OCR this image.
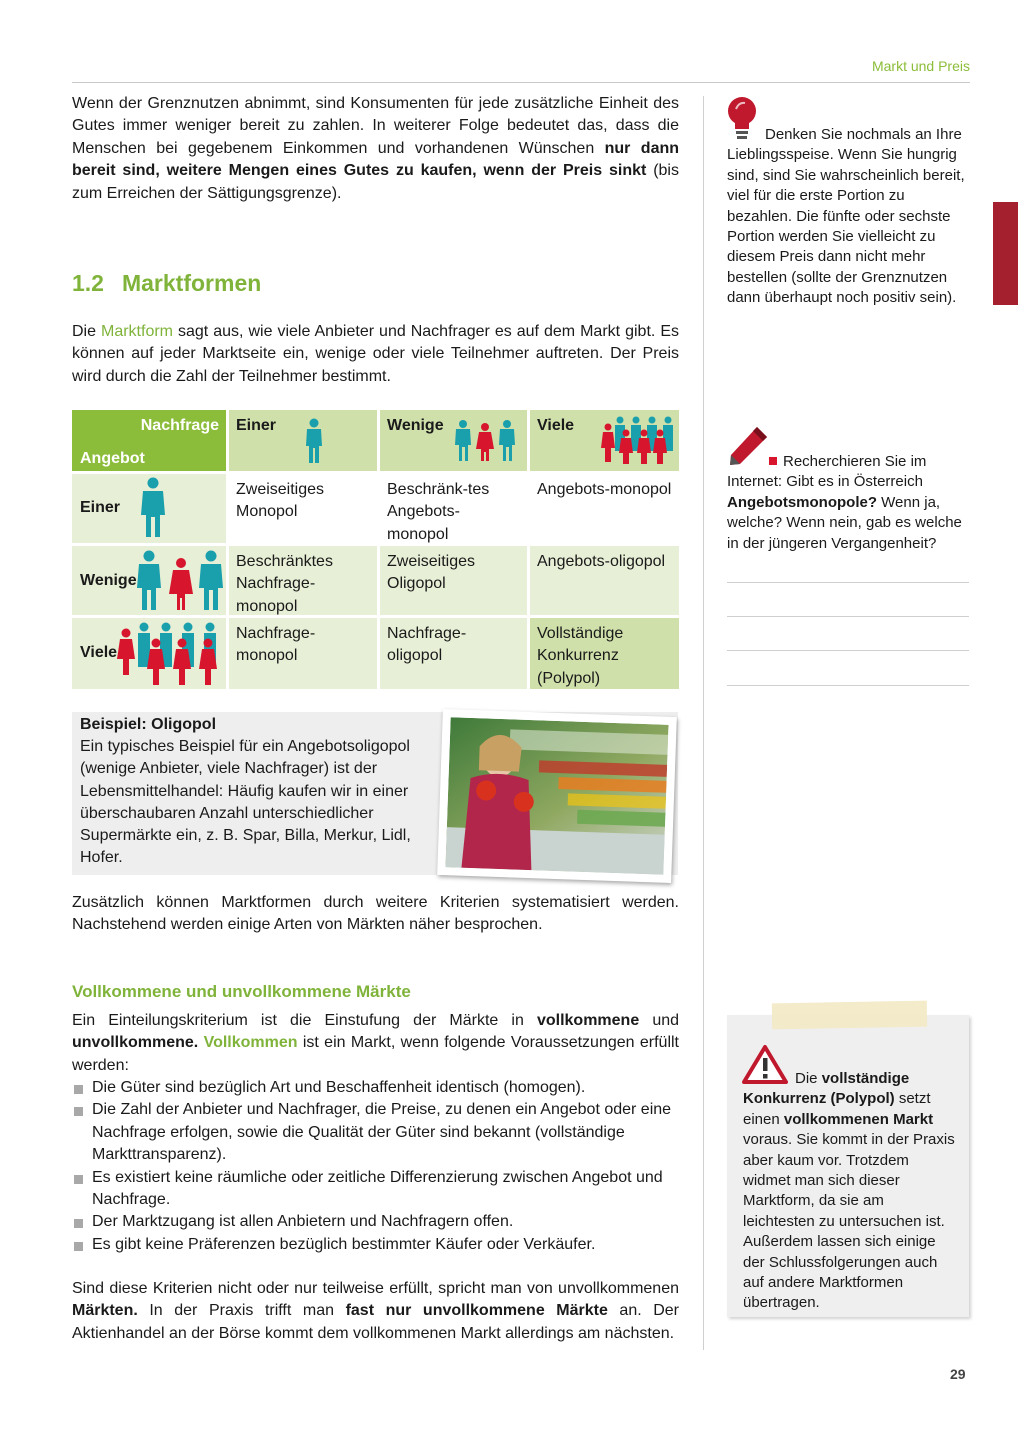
Markt und Preis
Wenn der Grenznutzen abnimmt, sind Konsumenten für jede zusätzliche Einheit des Gutes immer weniger bereit zu zahlen. In weiterer Folge bedeutet das, dass die Menschen bei gegebenem Einkommen und vorhandenen Wünschen nur dann bereit sind, weitere Mengen eines Gutes zu kaufen, wenn der Preis sinkt (bis zum Erreichen der Sättigungsgrenze).
1.2 Marktformen
Die Marktform sagt aus, wie viele Anbieter und Nachfrager es auf dem Markt gibt. Es können auf jeder Marktseite ein, wenige oder viele Teilnehmer auftreten. Der Preis wird durch die Zahl der Teilnehmer bestimmt.
Nachfrage
Angebot
Einer	Wenige	Viele
Einer
Zweiseitiges Monopol
Beschränk-tes Angebots-monopol
Angebots-monopol
Wenige
Beschränktes Nachfrage-monopol
Zweiseitiges Oligopol
Angebots-oligopol
Viele
Nachfrage-monopol
Nachfrage-oligopol
Vollständige Konkurrenz (Polypol)
Beispiel: Oligopol
Ein typisches Beispiel für ein Angebotsoligopol (wenige Anbieter, viele Nachfrager) ist der Lebensmittelhandel: Häufig kaufen wir in einer überschaubaren Anzahl unterschiedlicher Supermärkte ein, z. B. Spar, Billa, Merkur, Lidl, Hofer.
Zusätzlich können Marktformen durch weitere Kriterien systematisiert werden. Nachstehend werden einige Arten von Märkten näher besprochen.
Vollkommene und unvollkommene Märkte
Ein Einteilungskriterium ist die Einstufung der Märkte in vollkommene und unvollkommene. Vollkommen ist ein Markt, wenn folgende Voraussetzungen erfüllt werden:
Die Güter sind bezüglich Art und Beschaffenheit identisch (homogen).
Die Zahl der Anbieter und Nachfrager, die Preise, zu denen ein Angebot oder eine Nachfrage erfolgen, sowie die Qualität der Güter sind bekannt (vollständige Markttransparenz).
Es existiert keine räumliche oder zeitliche Differenzierung zwischen Angebot und Nachfrage.
Der Marktzugang ist allen Anbietern und Nachfragern offen.
Es gibt keine Präferenzen bezüglich bestimmter Käufer oder Verkäufer.
Sind diese Kriterien nicht oder nur teilweise erfüllt, spricht man von unvollkommenen Märkten. In der Praxis trifft man fast nur unvollkommene Märkte an. Der Aktienhandel an der Börse kommt dem vollkommenen Markt allerdings am nächsten.
Denken Sie nochmals an Ihre Lieblingsspeise. Wenn Sie hungrig sind, sind Sie wahrscheinlich bereit, viel für die erste Portion zu bezahlen. Die fünfte oder sechste Portion werden Sie vielleicht zu diesem Preis dann nicht mehr bestellen (sollte der Grenznutzen dann überhaupt noch positiv sein).
Recherchieren Sie im Internet: Gibt es in Österreich Angebotsmonopole? Wenn ja, welche? Wenn nein, gab es welche in der jüngeren Vergangenheit?
Die vollständige Konkurrenz (Polypol) setzt einen vollkommenen Markt voraus. Sie kommt in der Praxis aber kaum vor. Trotzdem widmet man sich dieser Marktform, da sie am leichtesten zu untersuchen ist. Außerdem lassen sich einige der Schlussfolgerungen auch auf andere Marktformen übertragen.
29
